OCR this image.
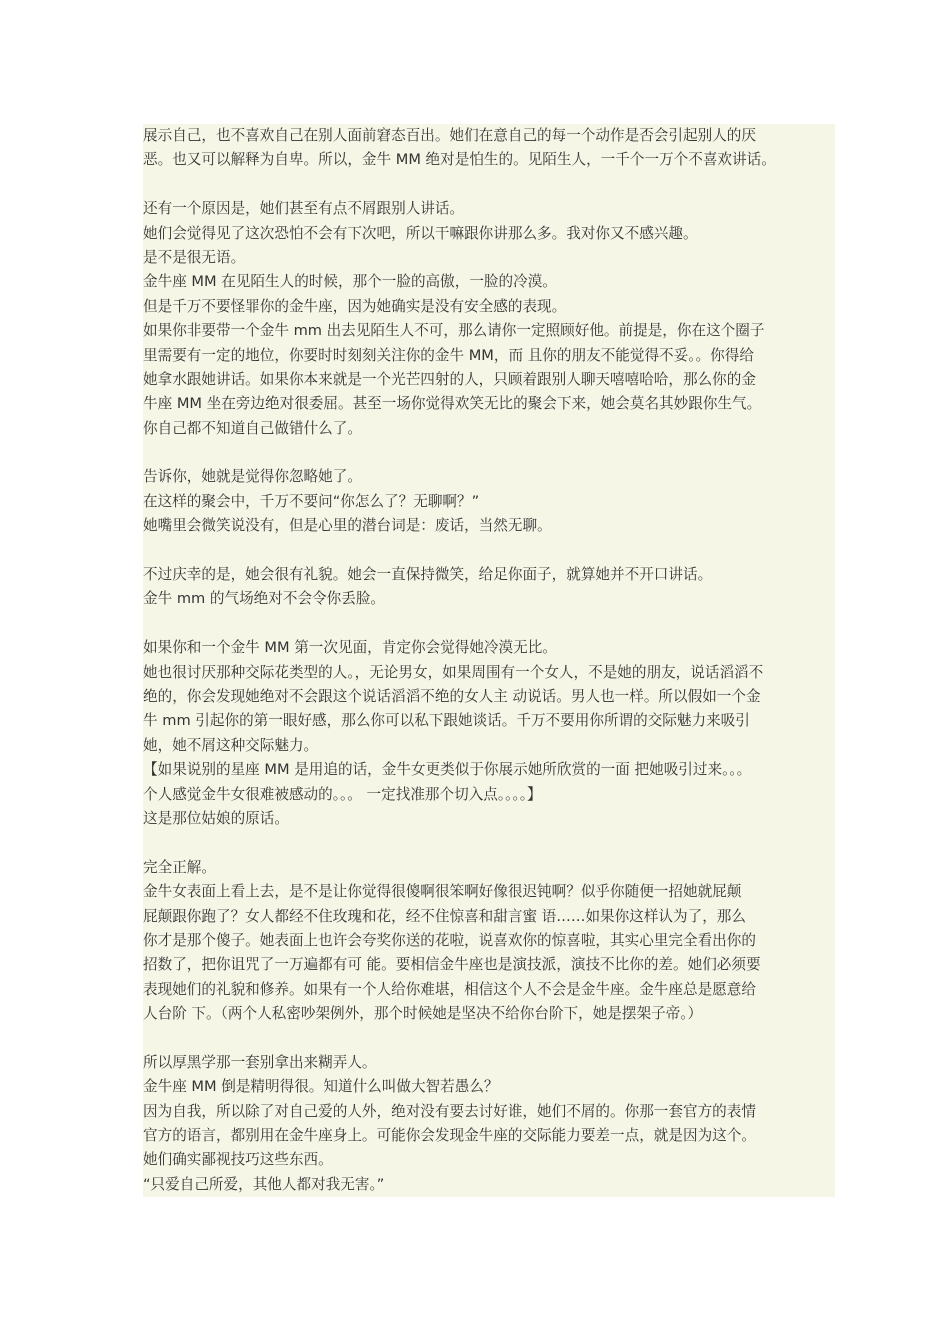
展示自己，也不喜欢自己在别人面前窘态百出。她们在意自己的每一个动作是否会引起别人的厌
恶。也又可以解释为自卑。所以，金牛 MM 绝对是怕生的。见陌生人，一千个一万个不喜欢讲话。
还有一个原因是，她们甚至有点不屑跟别人讲话。
她们会觉得见了这次恐怕不会有下次吧，所以干嘛跟你讲那么多。我对你又不感兴趣。
是不是很无语。
金牛座 MM 在见陌生人的时候，那个一脸的高傲，一脸的冷漠。
但是千万不要怪罪你的金牛座，因为她确实是没有安全感的表现。
如果你非要带一个金牛 mm 出去见陌生人不可，那么请你一定照顾好他。前提是，你在这个圈子
里需要有一定的地位，你要时时刻刻关注你的金牛 MM，而 且你的朋友不能觉得不妥。。你得给
她拿水跟她讲话。如果你本来就是一个光芒四射的人，只顾着跟别人聊天嘻嘻哈哈，那么你的金
牛座 MM 坐在旁边绝对很委屈。甚至一场你觉得欢笑无比的聚会下来，她会莫名其妙跟你生气。
你自己都不知道自己做错什么了。
告诉你，她就是觉得你忽略她了。
在这样的聚会中，千万不要问“你怎么了？无聊啊？”
她嘴里会微笑说没有，但是心里的潜台词是：废话，当然无聊。
不过庆幸的是，她会很有礼貌。她会一直保持微笑，给足你面子，就算她并不开口讲话。
金牛 mm 的气场绝对不会令你丢脸。
如果你和一个金牛 MM 第一次见面，肯定你会觉得她冷漠无比。
她也很讨厌那种交际花类型的人。，无论男女，如果周围有一个女人，不是她的朋友，说话滔滔不
绝的，你会发现她绝对不会跟这个说话滔滔不绝的女人主 动说话。男人也一样。所以假如一个金
牛 mm 引起你的第一眼好感，那么你可以私下跟她谈话。千万不要用你所谓的交际魅力来吸引
她，她不屑这种交际魅力。
【如果说别的星座 MM 是用追的话，金牛女更类似于你展示她所欣赏的一面 把她吸引过来。。。
个人感觉金牛女很难被感动的。。。 一定找准那个切入点。。。。】
这是那位姑娘的原话。
完全正解。
金牛女表面上看上去，是不是让你觉得很傻啊很笨啊好像很迟钝啊？似乎你随便一招她就屁颠
屁颠跟你跑了？女人都经不住玫瑰和花，经不住惊喜和甜言蜜 语……如果你这样认为了，那么
你才是那个傻子。她表面上也许会夸奖你送的花啦，说喜欢你的惊喜啦，其实心里完全看出你的
招数了，把你诅咒了一万遍都有可 能。要相信金牛座也是演技派，演技不比你的差。她们必须要
表现她们的礼貌和修养。如果有一个人给你难堪，相信这个人不会是金牛座。金牛座总是愿意给
人台阶 下。（两个人私密吵架例外，那个时候她是坚决不给你台阶下，她是摆架子帝。）
所以厚黑学那一套别拿出来糊弄人。
金牛座 MM 倒是精明得很。知道什么叫做大智若愚么？
因为自我，所以除了对自己爱的人外，绝对没有要去讨好谁，她们不屑的。你那一套官方的表情
官方的语言，都别用在金牛座身上。可能你会发现金牛座的交际能力要差一点，就是因为这个。
她们确实鄙视技巧这些东西。
“只爱自己所爱，其他人都对我无害。”
